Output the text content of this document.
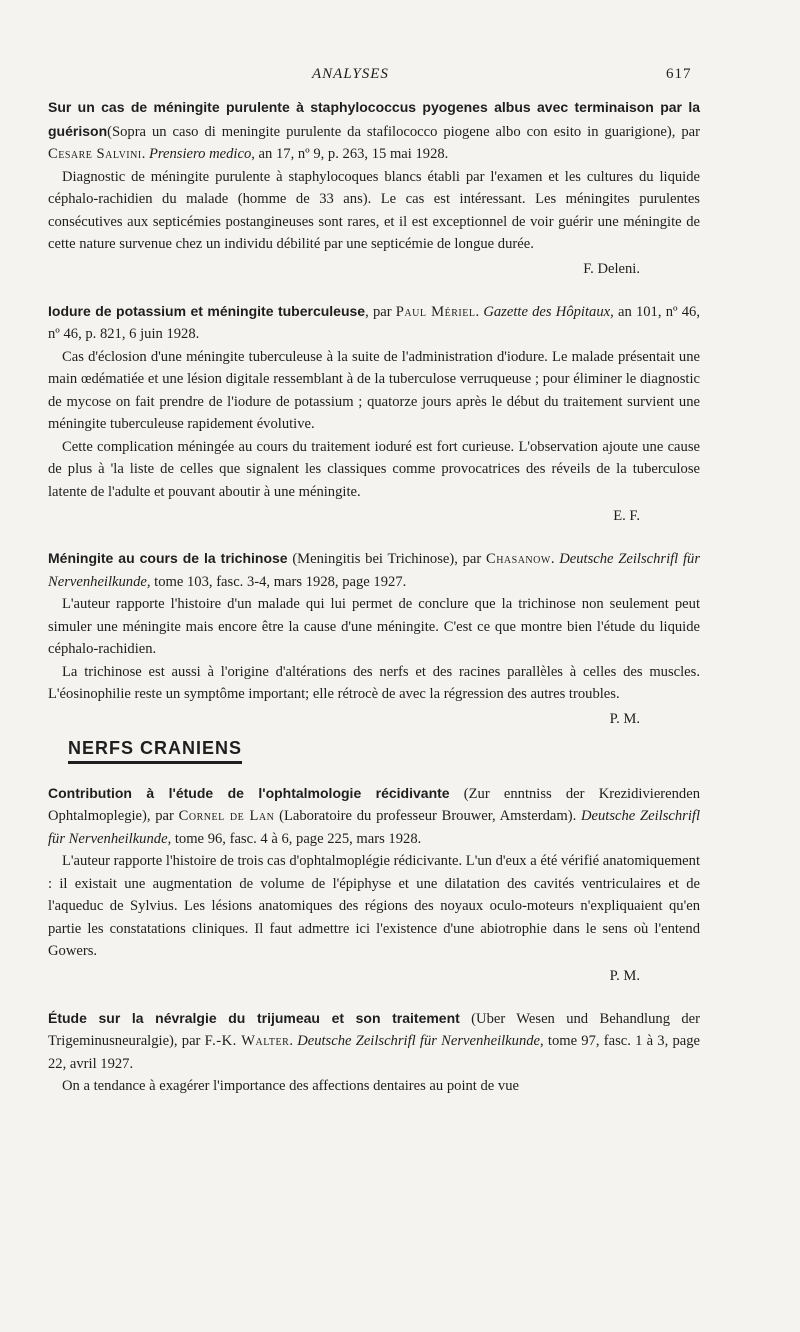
ANALYSES	617

Sur un cas de méningite purulente à staphylococcus pyogenes albus avec terminaison par la guérison(Sopra un caso di meningite purulente da stafilococco piogene albo con esito in guarigione), par Cesare Salvini. Prensiero medico, an 17, nº 9, p. 263, 15 mai 1928.

Diagnostic de méningite purulente à staphylocoques blancs établi par l'examen et les cultures du liquide céphalo-rachidien du malade (homme de 33 ans). Le cas est intéressant. Les méningites purulentes consécutives aux septicémies postangineuses sont rares, et il est exceptionnel de voir guérir une méningite de cette nature survenue chez un individu débilité par une septicémie de longue durée.

F. Deleni.

Iodure de potassium et méningite tuberculeuse, par Paul Mériel. Gazette des Hôpitaux, an 101, nº 46, nº 46, p. 821, 6 juin 1928.

Cas d'éclosion d'une méningite tuberculeuse à la suite de l'administration d'iodure. Le malade présentait une main œdématiée et une lésion digitale ressemblant à de la tuberculose verruqueuse ; pour éliminer le diagnostic de mycose on fait prendre de l'iodure de potassium ; quatorze jours après le début du traitement survient une méningite tuberculeuse rapidement évolutive.

Cette complication méningée au cours du traitement ioduré est fort curieuse. L'observation ajoute une cause de plus à 'la liste de celles que signalent les classiques comme provocatrices des réveils de la tuberculose latente de l'adulte et pouvant aboutir à une méningite.

E. F.

Méningite au cours de la trichinose (Meningitis bei Trichinose), par Chasanow. Deutsche Zeilschrifl für Nervenheilkunde, tome 103, fasc. 3-4, mars 1928, page 1927.

L'auteur rapporte l'histoire d'un malade qui lui permet de conclure que la trichinose non seulement peut simuler une méningite mais encore être la cause d'une méningite. C'est ce que montre bien l'étude du liquide céphalo-rachidien.

La trichinose est aussi à l'origine d'altérations des nerfs et des racines parallèles à celles des muscles. L'éosinophilie reste un symptôme important; elle rétrocè de avec la régression des autres troubles.

P. M.
NERFS CRANIENS

Contribution à l'étude de l'ophtalmologie récidivante (Zur enntniss der Krezidivierenden Ophtalmoplegie), par Cornel de Lan (Laboratoire du professeur Brouwer, Amsterdam). Deutsche Zeilschrifl für Nervenheilkunde, tome 96, fasc. 4 à 6, page 225, mars 1928.

L'auteur rapporte l'histoire de trois cas d'ophtalmoplégie rédicivante. L'un d'eux a été vérifié anatomiquement : il existait une augmentation de volume de l'épiphyse et une dilatation des cavités ventriculaires et de l'aqueduc de Sylvius. Les lésions anatomiques des régions des noyaux oculo-moteurs n'expliquaient qu'en partie les constatations cliniques. Il faut admettre ici l'existence d'une abiotrophie dans le sens où l'entend Gowers.

P. M.

Étude sur la névralgie du trijumeau et son traitement (Uber Wesen und Behandlung der Trigeminusneuralgie), par F.-K. Walter. Deutsche Zeilschrifl für Nervenheilkunde, tome 97, fasc. 1 à 3, page 22, avril 1927.

On a tendance à exagérer l'importance des affections dentaires au point de vue
